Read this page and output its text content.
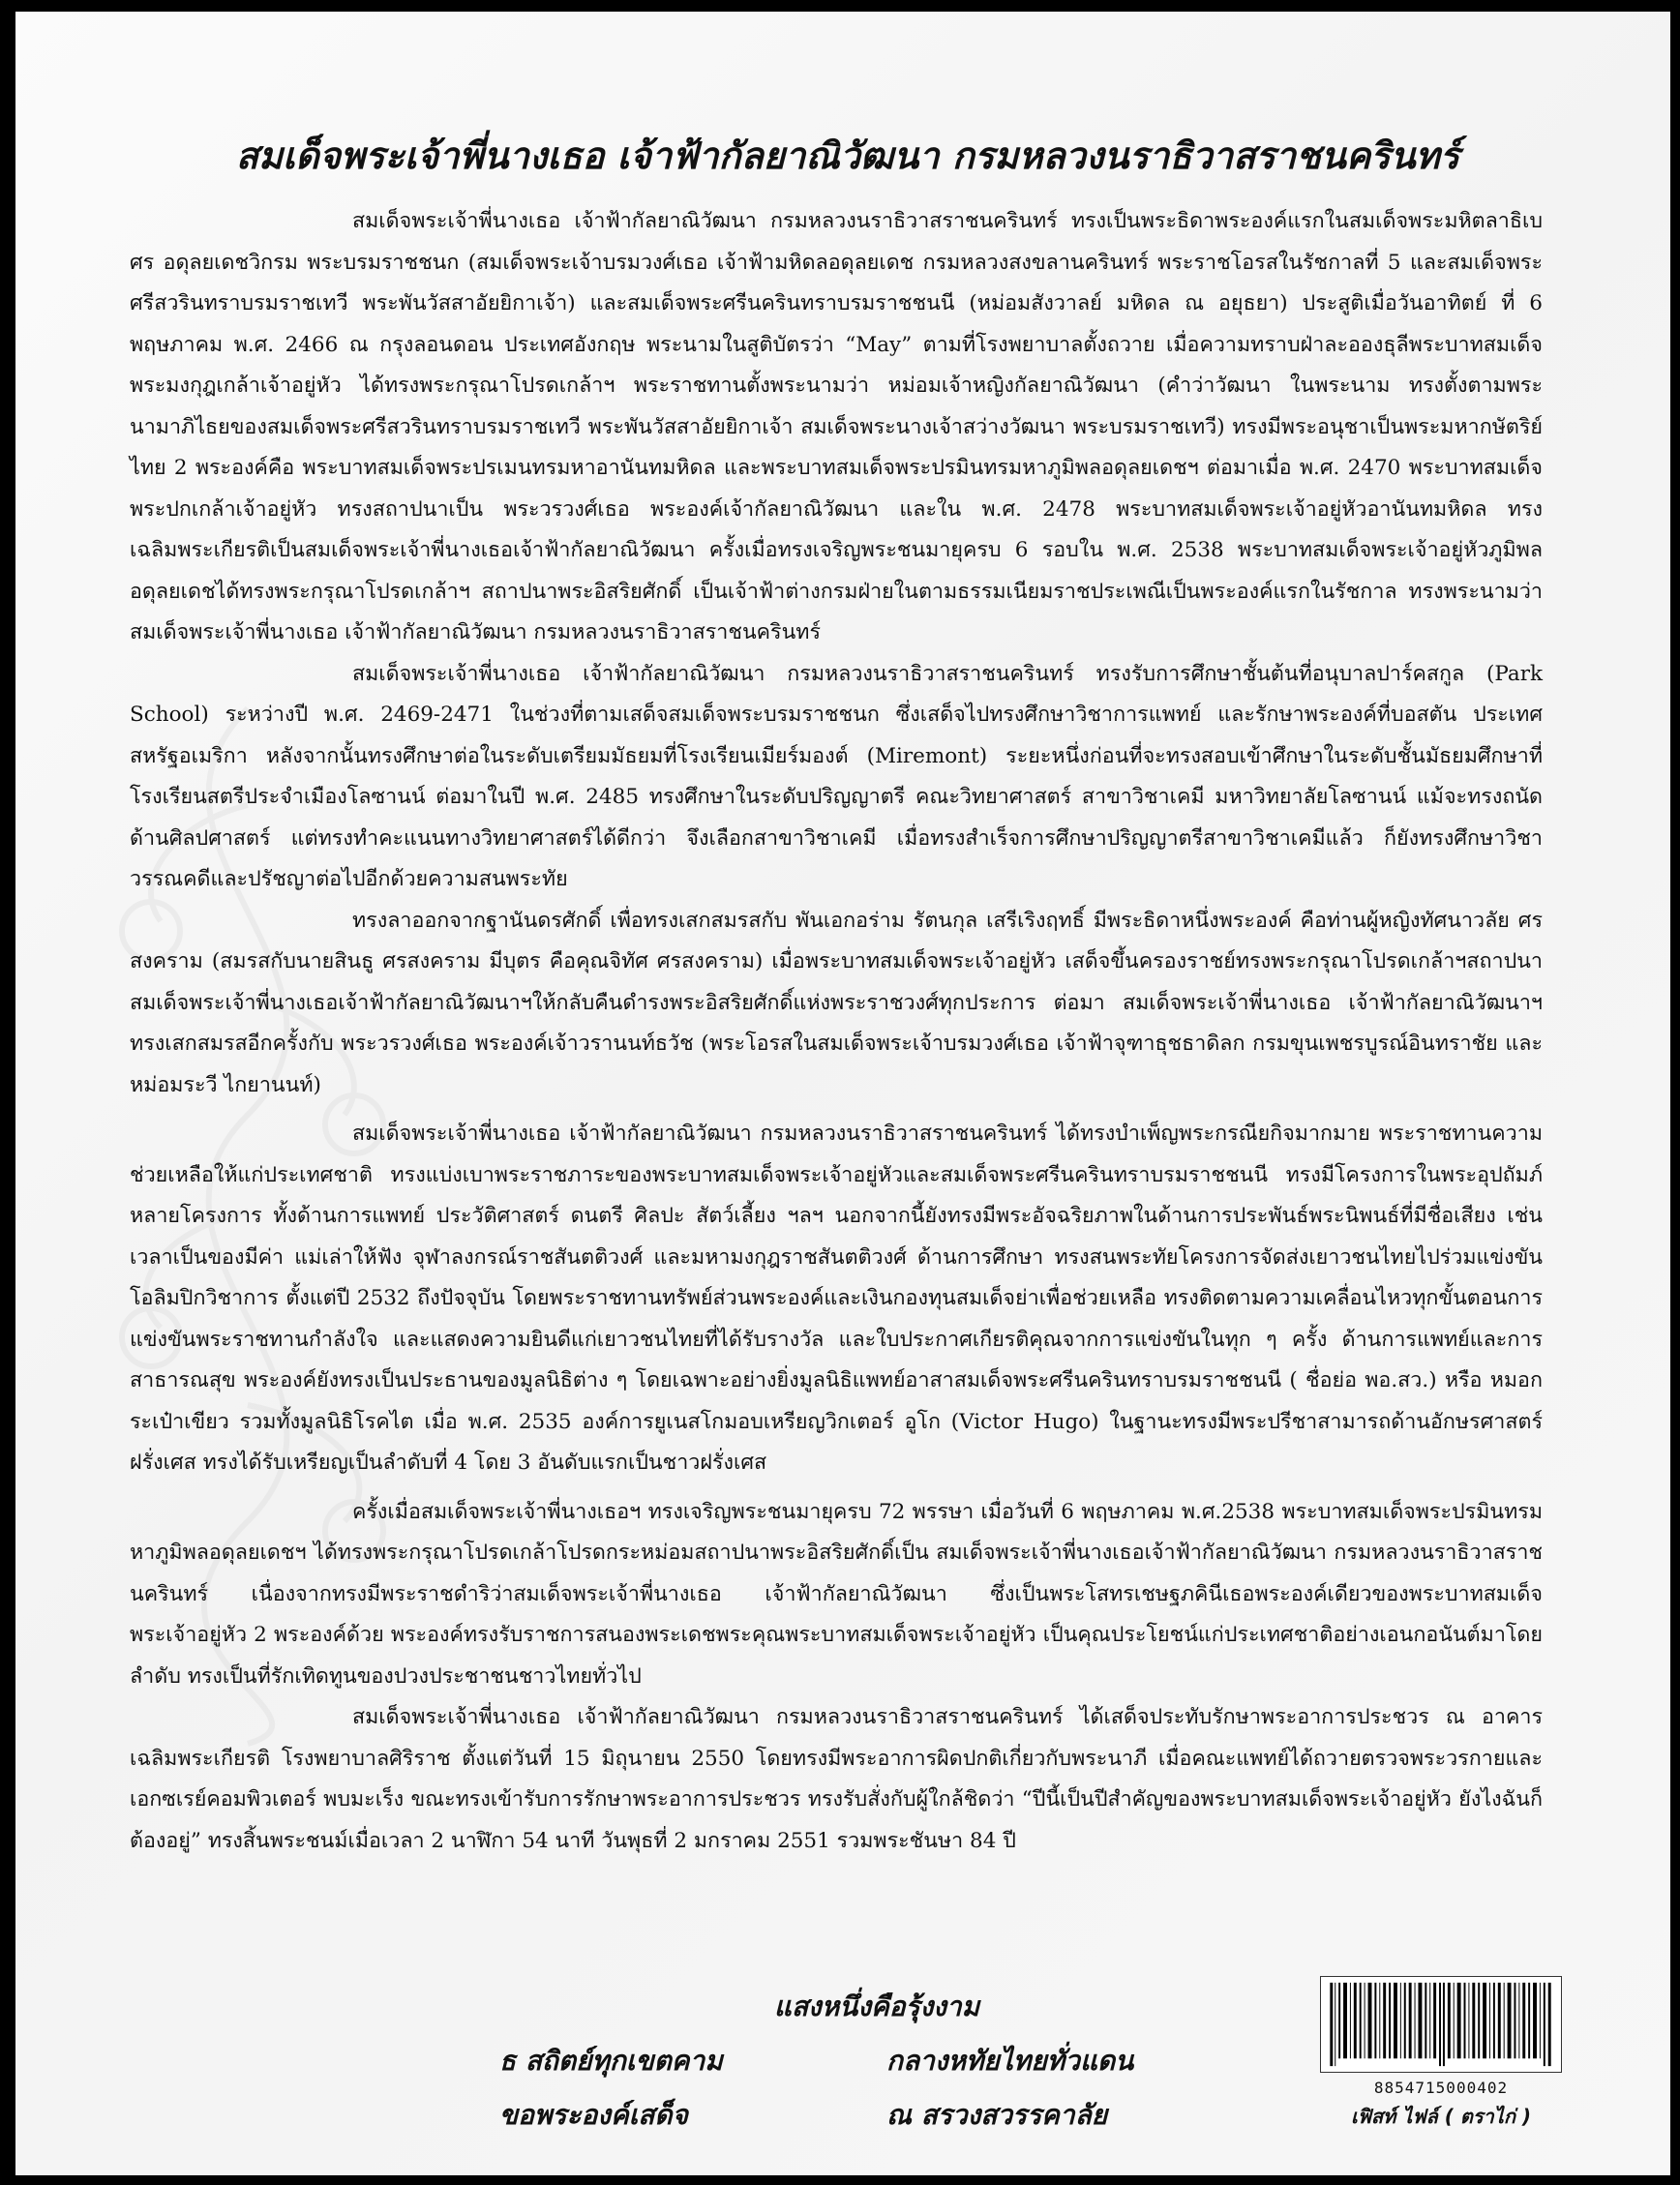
สมเด็จพระเจ้าพี่นางเธอ เจ้าฟ้ากัลยาณิวัฒนา กรมหลวงนราธิวาสราชนครินทร์

สมเด็จพระเจ้าพี่นางเธอ เจ้าฟ้ากัลยาณิวัฒนา กรมหลวงนราธิวาสราชนครินทร์ ทรงเป็นพระธิดาพระองค์แรกในสมเด็จพระมหิตลาธิเบศร อดุลยเดชวิกรม พระบรมราชชนก (สมเด็จพระเจ้าบรมวงศ์เธอ เจ้าฟ้ามหิดลอดุลยเดช กรมหลวงสงขลานครินทร์ พระราชโอรสในรัชกาลที่ 5 และสมเด็จพระศรีสวรินทราบรมราชเทวี พระพันวัสสาอัยยิกาเจ้า) และสมเด็จพระศรีนครินทราบรมราชชนนี (หม่อมสังวาลย์ มหิดล ณ อยุธยา) ประสูติเมื่อวันอาทิตย์ ที่ 6 พฤษภาคม พ.ศ. 2466 ณ กรุงลอนดอน ประเทศอังกฤษ พระนามในสูติบัตรว่า “May” ตามที่โรงพยาบาลตั้งถวาย เมื่อความทราบฝ่าละอองธุลีพระบาทสมเด็จพระมงกุฎเกล้าเจ้าอยู่หัว ได้ทรงพระกรุณาโปรดเกล้าฯ พระราชทานตั้งพระนามว่า หม่อมเจ้าหญิงกัลยาณิวัฒนา (คำว่าวัฒนา ในพระนาม ทรงตั้งตามพระนามาภิไธยของสมเด็จพระศรีสวรินทราบรมราชเทวี พระพันวัสสาอัยยิกาเจ้า สมเด็จพระนางเจ้าสว่างวัฒนา พระบรมราชเทวี) ทรงมีพระอนุชาเป็นพระมหากษัตริย์ไทย 2 พระองค์คือ พระบาทสมเด็จพระปรเมนทรมหาอานันทมหิดล และพระบาทสมเด็จพระปรมินทรมหาภูมิพลอดุลยเดชฯ ต่อมาเมื่อ พ.ศ. 2470 พระบาทสมเด็จพระปกเกล้าเจ้าอยู่หัว ทรงสถาปนาเป็น พระวรวงศ์เธอ พระองค์เจ้ากัลยาณิวัฒนา และใน พ.ศ. 2478 พระบาทสมเด็จพระเจ้าอยู่หัวอานันทมหิดล ทรงเฉลิมพระเกียรติเป็นสมเด็จพระเจ้าพี่นางเธอเจ้าฟ้ากัลยาณิวัฒนา ครั้งเมื่อทรงเจริญพระชนมายุครบ 6 รอบใน พ.ศ. 2538 พระบาทสมเด็จพระเจ้าอยู่หัวภูมิพลอดุลยเดชได้ทรงพระกรุณาโปรดเกล้าฯ สถาปนาพระอิสริยศักดิ์ เป็นเจ้าฟ้าต่างกรมฝ่ายในตามธรรมเนียมราชประเพณีเป็นพระองค์แรกในรัชกาล ทรงพระนามว่า สมเด็จพระเจ้าพี่นางเธอ เจ้าฟ้ากัลยาณิวัฒนา กรมหลวงนราธิวาสราชนครินทร์

สมเด็จพระเจ้าพี่นางเธอ เจ้าฟ้ากัลยาณิวัฒนา กรมหลวงนราธิวาสราชนครินทร์ ทรงรับการศึกษาชั้นต้นที่อนุบาลปาร์คสกูล (Park School) ระหว่างปี พ.ศ. 2469-2471 ในช่วงที่ตามเสด็จสมเด็จพระบรมราชชนก ซึ่งเสด็จไปทรงศึกษาวิชาการแพทย์ และรักษาพระองค์ที่บอสตัน ประเทศสหรัฐอเมริกา หลังจากนั้นทรงศึกษาต่อในระดับเตรียมมัธยมที่โรงเรียนเมียร์มองต์ (Miremont) ระยะหนึ่งก่อนที่จะทรงสอบเข้าศึกษาในระดับชั้นมัธยมศึกษาที่โรงเรียนสตรีประจำเมืองโลซานน์ ต่อมาในปี พ.ศ. 2485 ทรงศึกษาในระดับปริญญาตรี คณะวิทยาศาสตร์ สาขาวิชาเคมี มหาวิทยาลัยโลซานน์ แม้จะทรงถนัดด้านศิลปศาสตร์ แต่ทรงทำคะแนนทางวิทยาศาสตร์ได้ดีกว่า จึงเลือกสาขาวิชาเคมี เมื่อทรงสำเร็จการศึกษาปริญญาตรีสาขาวิชาเคมีแล้ว ก็ยังทรงศึกษาวิชาวรรณคดีและปรัชญาต่อไปอีกด้วยความสนพระทัย

ทรงลาออกจากฐานันดรศักดิ์ เพื่อทรงเสกสมรสกับ พันเอกอร่าม รัตนกุล เสรีเริงฤทธิ์ มีพระธิดาหนึ่งพระองค์ คือท่านผู้หญิงทัศนาวลัย ศรสงคราม (สมรสกับนายสินธู ศรสงคราม มีบุตร คือคุณจิทัศ ศรสงคราม) เมื่อพระบาทสมเด็จพระเจ้าอยู่หัว เสด็จขึ้นครองราชย์ทรงพระกรุณาโปรดเกล้าฯสถาปนาสมเด็จพระเจ้าพี่นางเธอเจ้าฟ้ากัลยาณิวัฒนาฯให้กลับคืนดำรงพระอิสริยศักดิ์แห่งพระราชวงศ์ทุกประการ ต่อมา สมเด็จพระเจ้าพี่นางเธอ เจ้าฟ้ากัลยาณิวัฒนาฯ ทรงเสกสมรสอีกครั้งกับ พระวรวงศ์เธอ พระองค์เจ้าวรานนท์ธวัช (พระโอรสในสมเด็จพระเจ้าบรมวงศ์เธอ เจ้าฟ้าจุฑาธุชธาดิลก กรมขุนเพชรบูรณ์อินทราชัย และหม่อมระวี ไกยานนท์)

สมเด็จพระเจ้าพี่นางเธอ เจ้าฟ้ากัลยาณิวัฒนา กรมหลวงนราธิวาสราชนครินทร์ ได้ทรงบำเพ็ญพระกรณียกิจมากมาย พระราชทานความช่วยเหลือให้แก่ประเทศชาติ ทรงแบ่งเบาพระราชภาระของพระบาทสมเด็จพระเจ้าอยู่หัวและสมเด็จพระศรีนครินทราบรมราชชนนี ทรงมีโครงการในพระอุปถัมภ์หลายโครงการ ทั้งด้านการแพทย์ ประวัติศาสตร์ ดนตรี ศิลปะ สัตว์เลี้ยง ฯลฯ นอกจากนี้ยังทรงมีพระอัจฉริยภาพในด้านการประพันธ์พระนิพนธ์ที่มีชื่อเสียง เช่น เวลาเป็นของมีค่า แม่เล่าให้ฟัง จุฬาลงกรณ์ราชสันตติวงศ์ และมหามงกุฎราชสันตติวงศ์ ด้านการศึกษา ทรงสนพระทัยโครงการจัดส่งเยาวชนไทยไปร่วมแข่งขันโอลิมปิกวิชาการ ตั้งแต่ปี 2532 ถึงปัจจุบัน โดยพระราชทานทรัพย์ส่วนพระองค์และเงินกองทุนสมเด็จย่าเพื่อช่วยเหลือ ทรงติดตามความเคลื่อนไหวทุกขั้นตอนการแข่งขันพระราชทานกำลังใจ และแสดงความยินดีแก่เยาวชนไทยที่ได้รับรางวัล และใบประกาศเกียรติคุณจากการแข่งขันในทุก ๆ ครั้ง ด้านการแพทย์และการสาธารณสุข พระองค์ยังทรงเป็นประธานของมูลนิธิต่าง ๆ โดยเฉพาะอย่างยิ่งมูลนิธิแพทย์อาสาสมเด็จพระศรีนครินทราบรมราชชนนี ( ชื่อย่อ พอ.สว.) หรือ หมอกระเป๋าเขียว รวมทั้งมูลนิธิโรคไต เมื่อ พ.ศ. 2535 องค์การยูเนสโกมอบเหรียญวิกเตอร์ อูโก (Victor Hugo) ในฐานะทรงมีพระปรีชาสามารถด้านอักษรศาสตร์ฝรั่งเศส ทรงได้รับเหรียญเป็นลำดับที่ 4 โดย 3 อันดับแรกเป็นชาวฝรั่งเศส

ครั้งเมื่อสมเด็จพระเจ้าพี่นางเธอฯ ทรงเจริญพระชนมายุครบ 72 พรรษา เมื่อวันที่ 6 พฤษภาคม พ.ศ.2538 พระบาทสมเด็จพระปรมินทรมหาภูมิพลอดุลยเดชฯ ได้ทรงพระกรุณาโปรดเกล้าโปรดกระหม่อมสถาปนาพระอิสริยศักดิ์เป็น สมเด็จพระเจ้าพี่นางเธอเจ้าฟ้ากัลยาณิวัฒนา กรมหลวงนราธิวาสราชนครินทร์ เนื่องจากทรงมีพระราชดำริว่าสมเด็จพระเจ้าพี่นางเธอ เจ้าฟ้ากัลยาณิวัฒนา ซึ่งเป็นพระโสทรเชษฐภคินีเธอพระองค์เดียวของพระบาทสมเด็จพระเจ้าอยู่หัว 2 พระองค์ด้วย พระองค์ทรงรับราชการสนองพระเดชพระคุณพระบาทสมเด็จพระเจ้าอยู่หัว เป็นคุณประโยชน์แก่ประเทศชาติอย่างเอนกอนันต์มาโดยลำดับ ทรงเป็นที่รักเทิดทูนของปวงประชาชนชาวไทยทั่วไป

สมเด็จพระเจ้าพี่นางเธอ เจ้าฟ้ากัลยาณิวัฒนา กรมหลวงนราธิวาสราชนครินทร์ ได้เสด็จประทับรักษาพระอาการประชวร ณ อาคารเฉลิมพระเกียรติ โรงพยาบาลศิริราช ตั้งแต่วันที่ 15 มิถุนายน 2550 โดยทรงมีพระอาการผิดปกติเกี่ยวกับพระนาภี เมื่อคณะแพทย์ได้ถวายตรวจพระวรกายและเอกซเรย์คอมพิวเตอร์ พบมะเร็ง ขณะทรงเข้ารับการรักษาพระอาการประชวร ทรงรับสั่งกับผู้ใกล้ชิดว่า “ปีนี้เป็นปีสำคัญของพระบาทสมเด็จพระเจ้าอยู่หัว ยังไงฉันก็ต้องอยู่” ทรงสิ้นพระชนม์เมื่อเวลา 2 นาฬิกา 54 นาที วันพุธที่ 2 มกราคม 2551 รวมพระชันษา 84 ปี

แสงหนึ่งคือรุ้งงาม
ธ สถิตย์ทุกเขตคาม	กลางหทัยไทยทั่วแดน
ขอพระองค์เสด็จ	ณ สรวงสวรรคาลัย
8854715000402
เฟิสท์ ไฟล์ ( ตราไก่ )
